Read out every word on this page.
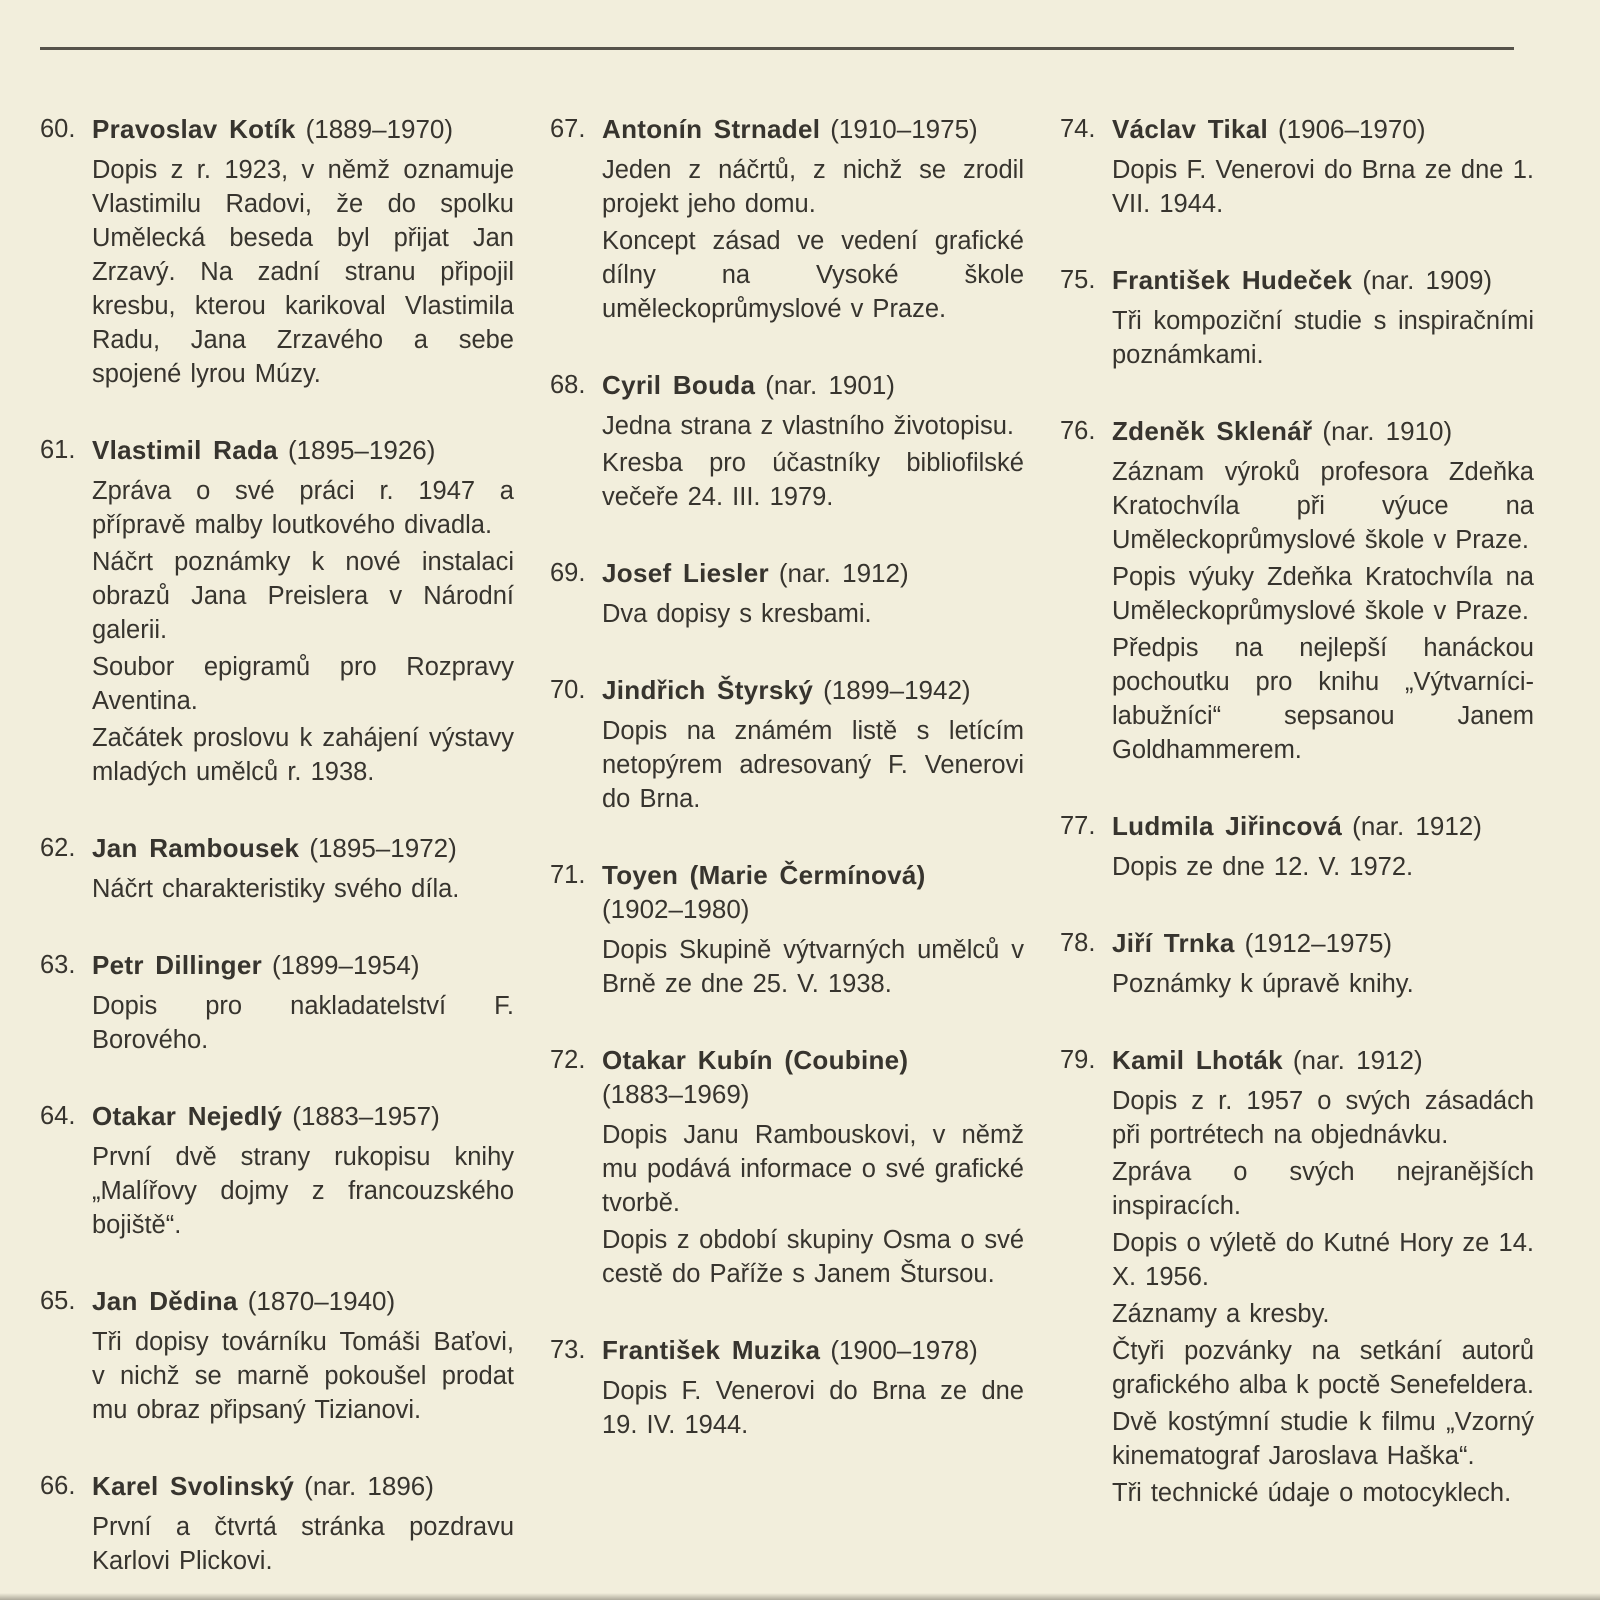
60. Pravoslav Kotík (1889–1970)

Dopis z r. 1923, v němž oznamuje Vlastimilu Radovi, že do spolku Umělecká beseda byl přijat Jan Zrzavý. Na zadní stranu připojil kresbu, kterou karikoval Vlastimila Radu, Jana Zrzavého a sebe spojené lyrou Múzy.

61. Vlastimil Rada (1895–1926)

Zpráva o své práci r. 1947 a přípravě malby loutkového divadla.

Náčrt poznámky k nové instalaci obrazů Jana Preislera v Národní galerii.

Soubor epigramů pro Rozpravy Aventina.

Začátek proslovu k zahájení výstavy mladých umělců r. 1938.

62. Jan Rambousek (1895–1972)

Náčrt charakteristiky svého díla.

63. Petr Dillinger (1899–1954)

Dopis pro nakladatelství F. Borového.

64. Otakar Nejedlý (1883–1957)

První dvě strany rukopisu knihy „Malířovy dojmy z francouzského bojiště“.

65. Jan Dědina (1870–1940)

Tři dopisy továrníku Tomáši Baťovi, v nichž se marně pokoušel prodat mu obraz připsaný Tizianovi.

66. Karel Svolinský (nar. 1896)

První a čtvrtá stránka pozdravu Karlovi Plickovi.

67. Antonín Strnadel (1910–1975)

Jeden z náčrtů, z nichž se zrodil projekt jeho domu.

Koncept zásad ve vedení grafické dílny na Vysoké škole uměleckoprůmyslové v Praze.

68. Cyril Bouda (nar. 1901)

Jedna strana z vlastního životopisu.

Kresba pro účastníky bibliofilské večeře 24. III. 1979.

69. Josef Liesler (nar. 1912)

Dva dopisy s kresbami.

70. Jindřich Štyrský (1899–1942)

Dopis na známém listě s letícím netopýrem adresovaný F. Venerovi do Brna.

71. Toyen (Marie Čermínová)
(1902–1980)

Dopis Skupině výtvarných umělců v Brně ze dne 25. V. 1938.

72. Otakar Kubín (Coubine)
(1883–1969)

Dopis Janu Rambouskovi, v němž mu podává informace o své grafické tvorbě.

Dopis z období skupiny Osma o své cestě do Paříže s Janem Štursou.

73. František Muzika (1900–1978)

Dopis F. Venerovi do Brna ze dne 19. IV. 1944.

74. Václav Tikal (1906–1970)

Dopis F. Venerovi do Brna ze dne 1. VII. 1944.

75. František Hudeček (nar. 1909)

Tři kompoziční studie s inspiračními poznámkami.

76. Zdeněk Sklenář (nar. 1910)

Záznam výroků profesora Zdeňka Kratochvíla při výuce na Uměleckoprůmyslové škole v Praze.

Popis výuky Zdeňka Kratochvíla na Uměleckoprůmyslové škole v Praze.

Předpis na nejlepší hanáckou pochoutku pro knihu „Výtvarníci-labužníci“ sepsanou Janem Goldhammerem.

77. Ludmila Jiřincová (nar. 1912)

Dopis ze dne 12. V. 1972.

78. Jiří Trnka (1912–1975)

Poznámky k úpravě knihy.

79. Kamil Lhoták (nar. 1912)

Dopis z r. 1957 o svých zásadách při portrétech na objednávku.

Zpráva o svých nejranějších inspiracích.

Dopis o výletě do Kutné Hory ze 14. X. 1956.

Záznamy a kresby.

Čtyři pozvánky na setkání autorů grafického alba k poctě Senefeldera.

Dvě kostýmní studie k filmu „Vzorný kinematograf Jaroslava Haška“.

Tři technické údaje o motocyklech.
